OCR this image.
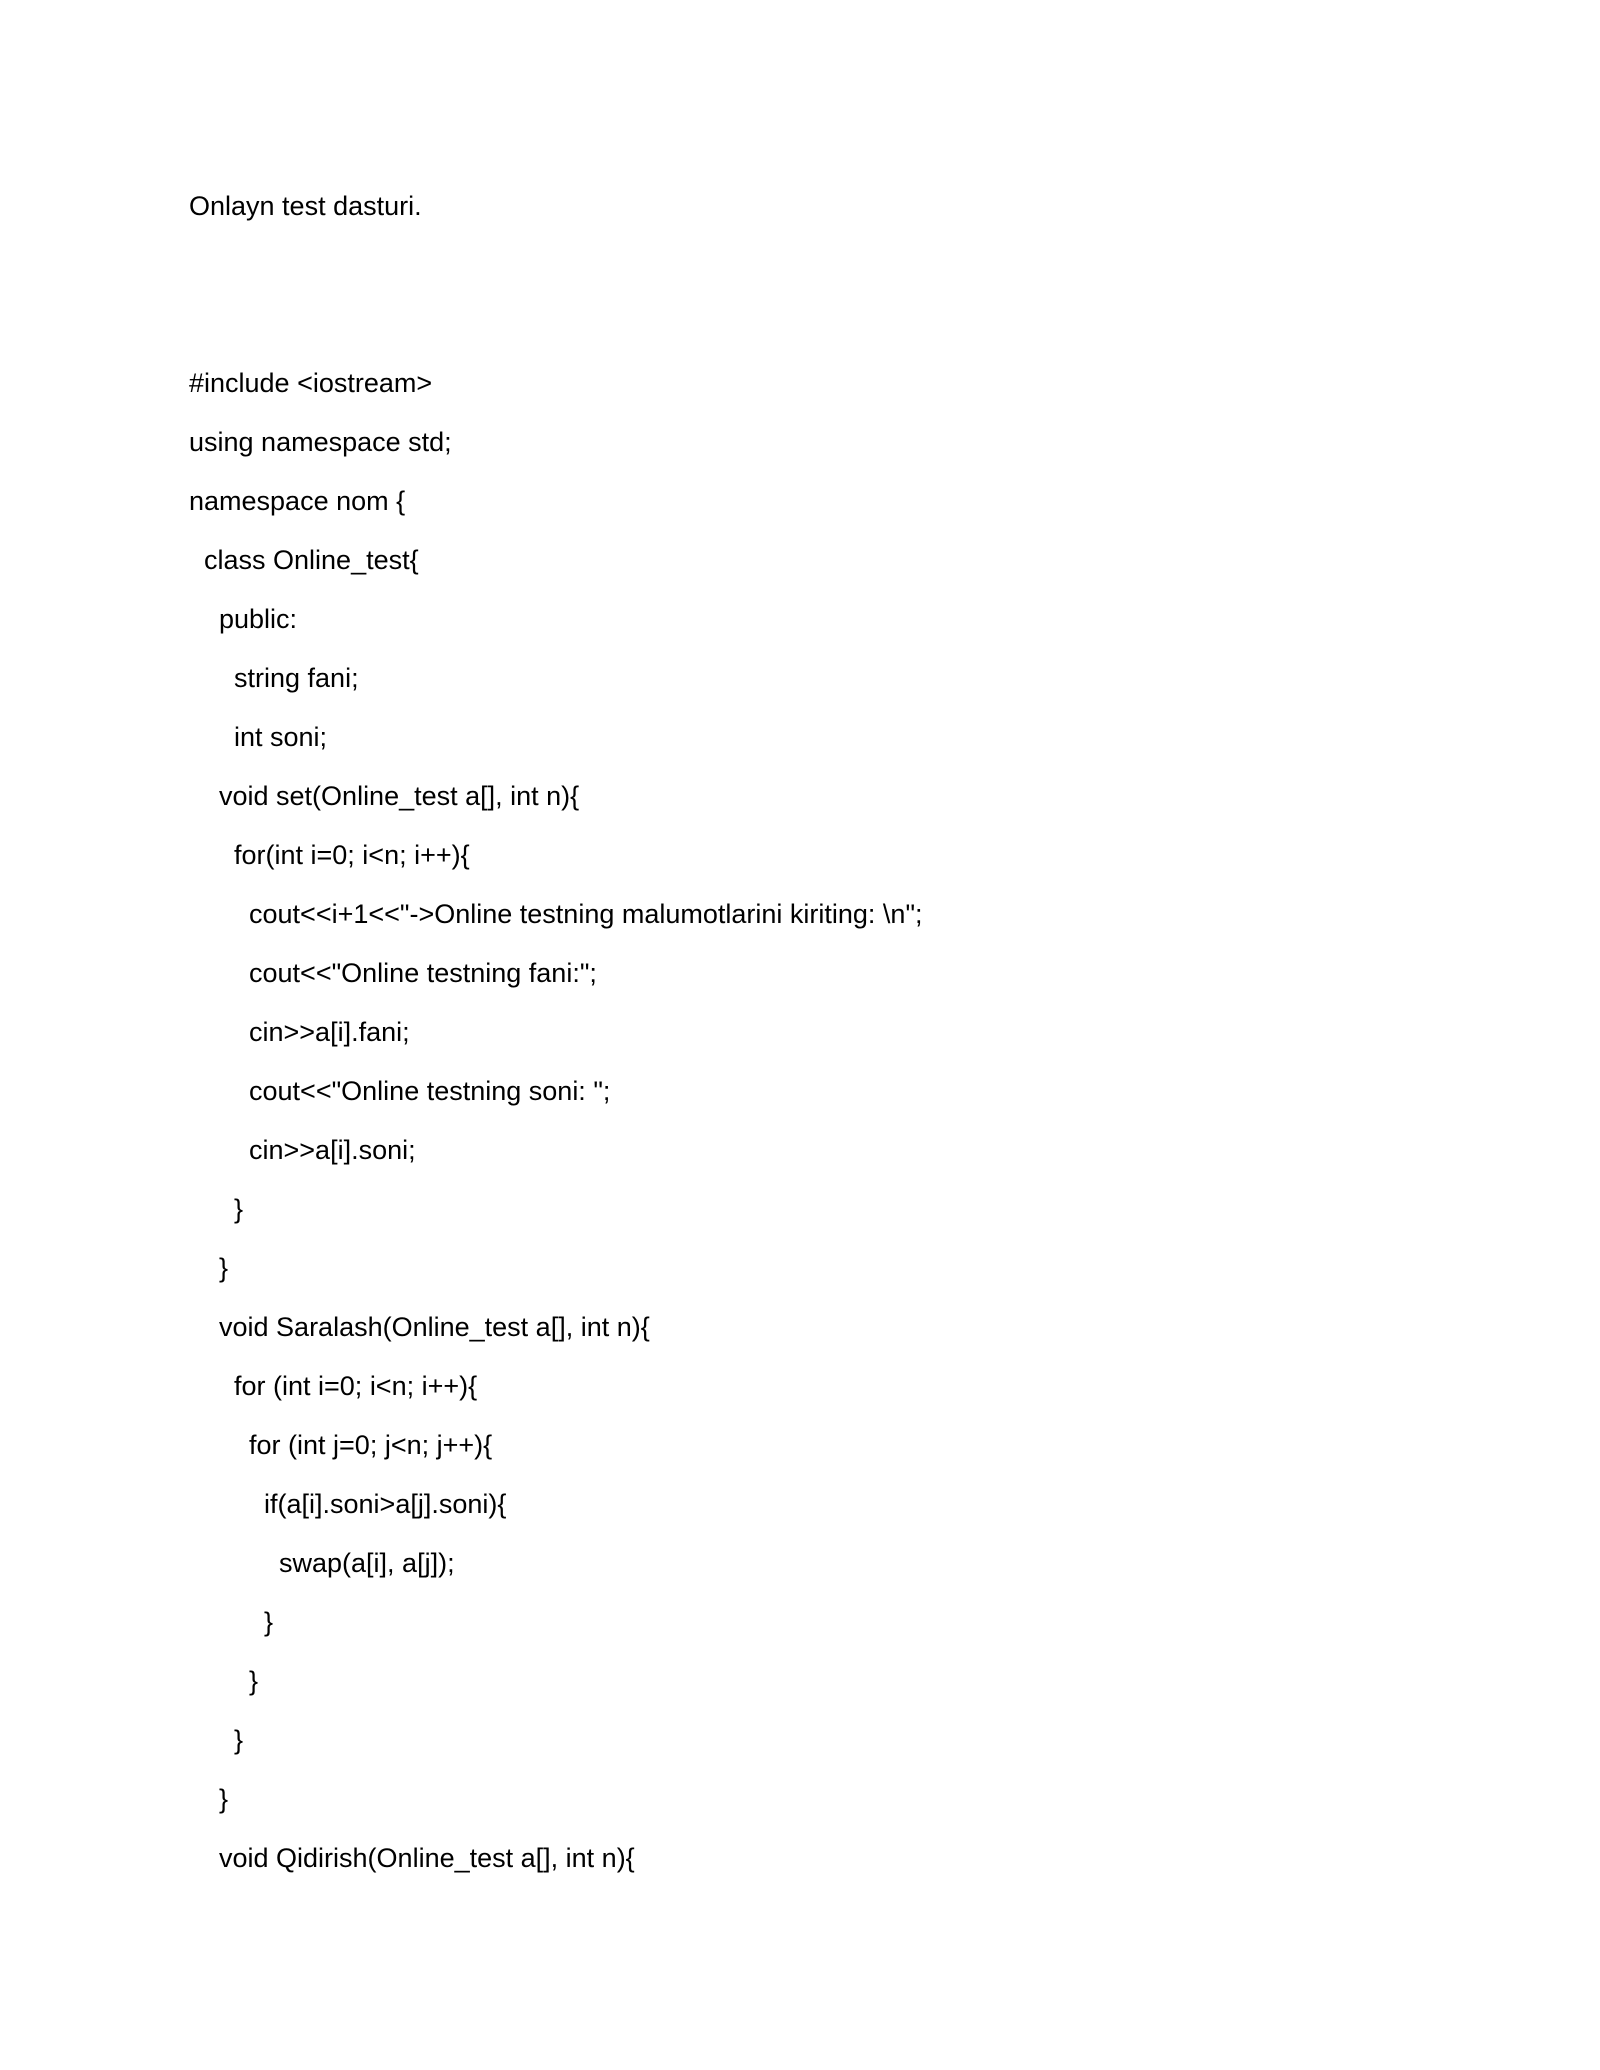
Onlayn test dasturi.
#include <iostream>
using namespace std;
namespace nom {
class Online_test{
public:
string fani;
int soni;
void set(Online_test a[], int n){
for(int i=0; i<n; i++){
cout<<i+1<<"->Online testning malumotlarini kiriting: \n";
cout<<"Online testning fani:";
cin>>a[i].fani;
cout<<"Online testning soni: ";
cin>>a[i].soni;
}
}
void Saralash(Online_test a[], int n){
for (int i=0; i<n; i++){
for (int j=0; j<n; j++){
if(a[i].soni>a[j].soni){
swap(a[i], a[j]);
}
}
}
}
void Qidirish(Online_test a[], int n){
